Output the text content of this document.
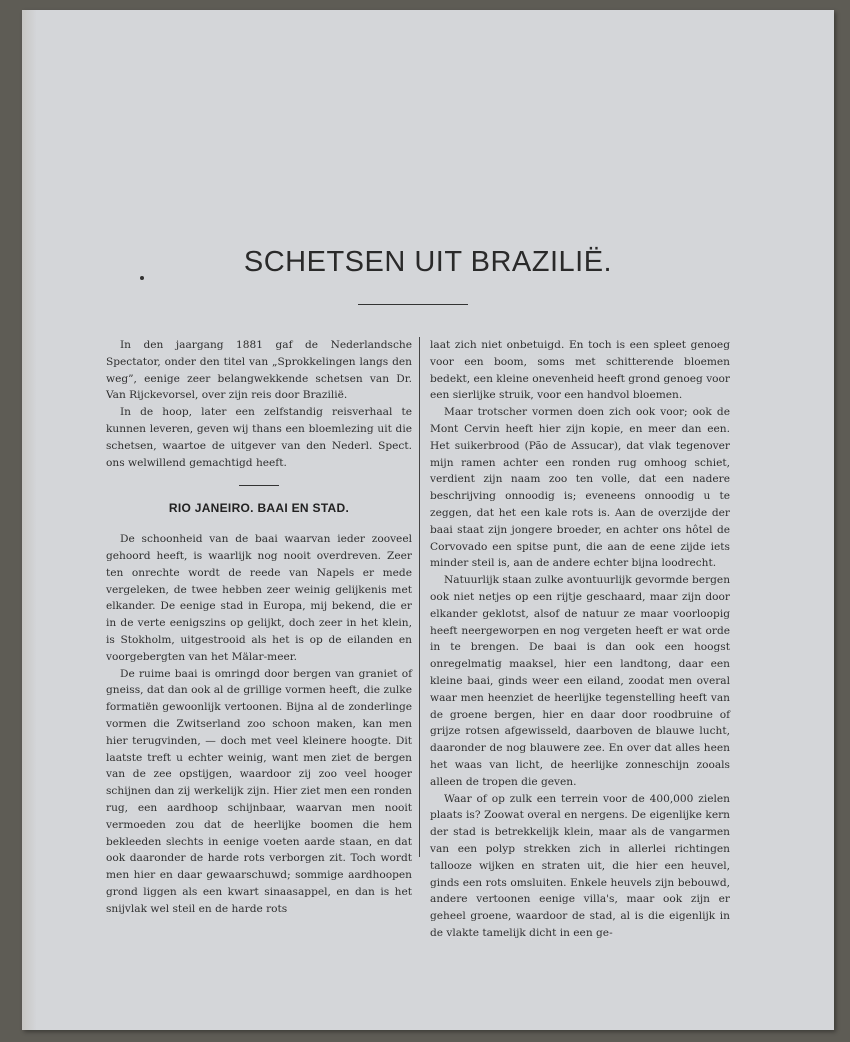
SCHETSEN UIT BRAZILIË.

In den jaargang 1881 gaf de Nederlandsche Spectator, onder den titel van „Sprokkelingen langs den weg”, eenige zeer belangwekkende schetsen van Dr. Van Rijckevorsel, over zijn reis door Brazilië.

In de hoop, later een zelfstandig reisverhaal te kunnen leveren, geven wij thans een bloemlezing uit die schetsen, waartoe de uitgever van den Nederl. Spect. ons welwillend gemachtigd heeft.

RIO JANEIRO. BAAI EN STAD.

De schoonheid van de baai waarvan ieder zooveel gehoord heeft, is waarlijk nog nooit overdreven. Zeer ten onrechte wordt de reede van Napels er mede vergeleken, de twee hebben zeer weinig gelijkenis met elkander. De eenige stad in Europa, mij bekend, die er in de verte eenigszins op gelijkt, doch zeer in het klein, is Stokholm, uitgestrooid als het is op de eilanden en voorgebergten van het Mälar-meer.

De ruime baai is omringd door bergen van graniet of gneiss, dat dan ook al de grillige vormen heeft, die zulke formatiën gewoonlijk vertoonen. Bijna al de zonderlinge vormen die Zwitserland zoo schoon maken, kan men hier terugvinden, — doch met veel kleinere hoogte. Dit laatste treft u echter weinig, want men ziet de bergen van de zee opstijgen, waardoor zij zoo veel hooger schijnen dan zij werkelijk zijn. Hier ziet men een ronden rug, een aardhoop schijnbaar, waarvan men nooit vermoeden zou dat de heerlijke boomen die hem bekleeden slechts in eenige voeten aarde staan, en dat ook daaronder de harde rots verborgen zit. Toch wordt men hier en daar gewaarschuwd; sommige aardhoopen grond liggen als een kwart sinaasappel, en dan is het snijvlak wel steil en de harde rots

laat zich niet onbetuigd. En toch is een spleet genoeg voor een boom, soms met schitterende bloemen bedekt, een kleine onevenheid heeft grond genoeg voor een sierlijke struik, voor een handvol bloemen.

Maar trotscher vormen doen zich ook voor; ook de Mont Cervin heeft hier zijn kopie, en meer dan een. Het suikerbrood (Pão de Assucar), dat vlak tegenover mijn ramen achter een ronden rug omhoog schiet, verdient zijn naam zoo ten volle, dat een nadere beschrijving onnoodig is; eveneens onnoodig u te zeggen, dat het een kale rots is. Aan de overzijde der baai staat zijn jongere broeder, en achter ons hôtel de Corvovado een spitse punt, die aan de eene zijde iets minder steil is, aan de andere echter bijna loodrecht.

Natuurlijk staan zulke avontuurlijk gevormde bergen ook niet netjes op een rijtje geschaard, maar zijn door elkander geklotst, alsof de natuur ze maar voorloopig heeft neergeworpen en nog vergeten heeft er wat orde in te brengen. De baai is dan ook een hoogst onregelmatig maaksel, hier een landtong, daar een kleine baai, ginds weer een eiland, zoodat men overal waar men heenziet de heerlijke tegenstelling heeft van de groene bergen, hier en daar door roodbruine of grijze rotsen afgewisseld, daarboven de blauwe lucht, daaronder de nog blauwere zee. En over dat alles heen het waas van licht, de heerlijke zonneschijn zooals alleen de tropen die geven.

Waar of op zulk een terrein voor de 400,000 zielen plaats is? Zoowat overal en nergens. De eigenlijke kern der stad is betrekkelijk klein, maar als de vangarmen van een polyp strekken zich in allerlei richtingen tallooze wijken en straten uit, die hier een heuvel, ginds een rots omsluiten. Enkele heuvels zijn bebouwd, andere vertoonen eenige villa's, maar ook zijn er geheel groene, waardoor de stad, al is die eigenlijk in de vlakte tamelijk dicht in een ge-
